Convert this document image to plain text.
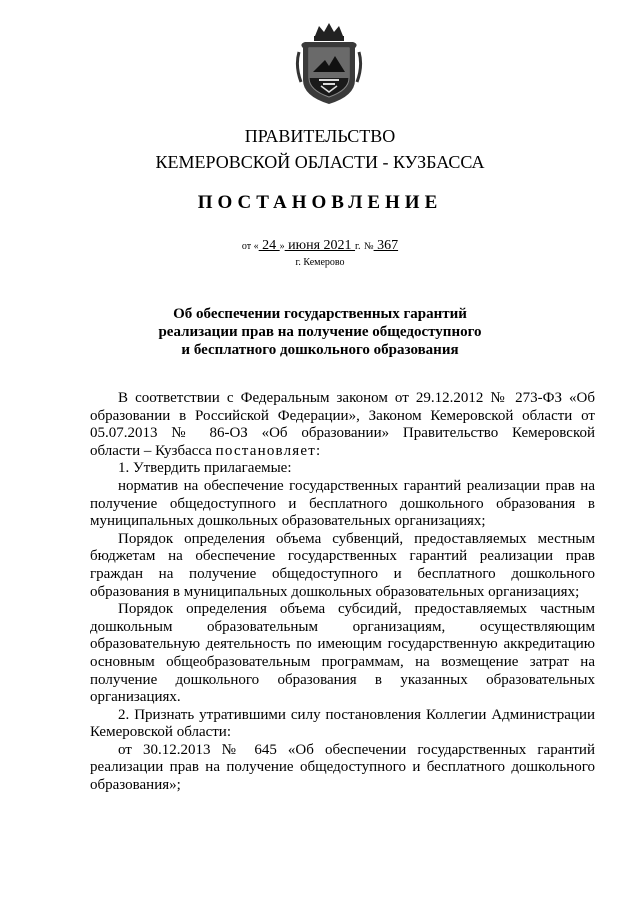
ПРАВИТЕЛЬСТВО
КЕМЕРОВСКОЙ ОБЛАСТИ - КУЗБАССА
ПОСТАНОВЛЕНИЕ
от « 24 » июня 2021 г. № 367
г. Кемерово
Об обеспечении государственных гарантий
реализации прав на получение общедоступного
и бесплатного дошкольного образования
В соответствии с Федеральным законом от 29.12.2012 № 273-ФЗ «Об
образовании в Российской Федерации», Законом Кемеровской области от
05.07.2013 № 86-ОЗ «Об образовании» Правительство Кемеровской
области – Кузбасса постановляет:
1. Утвердить прилагаемые:
норматив на обеспечение государственных гарантий реализации прав на
получение общедоступного и бесплатного дошкольного образования в
муниципальных дошкольных образовательных организациях;
Порядок определения объема субвенций, предоставляемых местным
бюджетам на обеспечение государственных гарантий реализации прав
граждан на получение общедоступного и бесплатного дошкольного
образования в муниципальных дошкольных образовательных организациях;
Порядок определения объема субсидий, предоставляемых частным
дошкольным образовательным организациям, осуществляющим
образовательную деятельность по имеющим государственную аккредитацию
основным общеобразовательным программам, на возмещение затрат на
получение дошкольного образования в указанных образовательных
организациях.
2. Признать утратившими силу постановления Коллегии Администрации
Кемеровской области:
от 30.12.2013 № 645 «Об обеспечении государственных гарантий
реализации прав на получение общедоступного и бесплатного дошкольного
образования»;
